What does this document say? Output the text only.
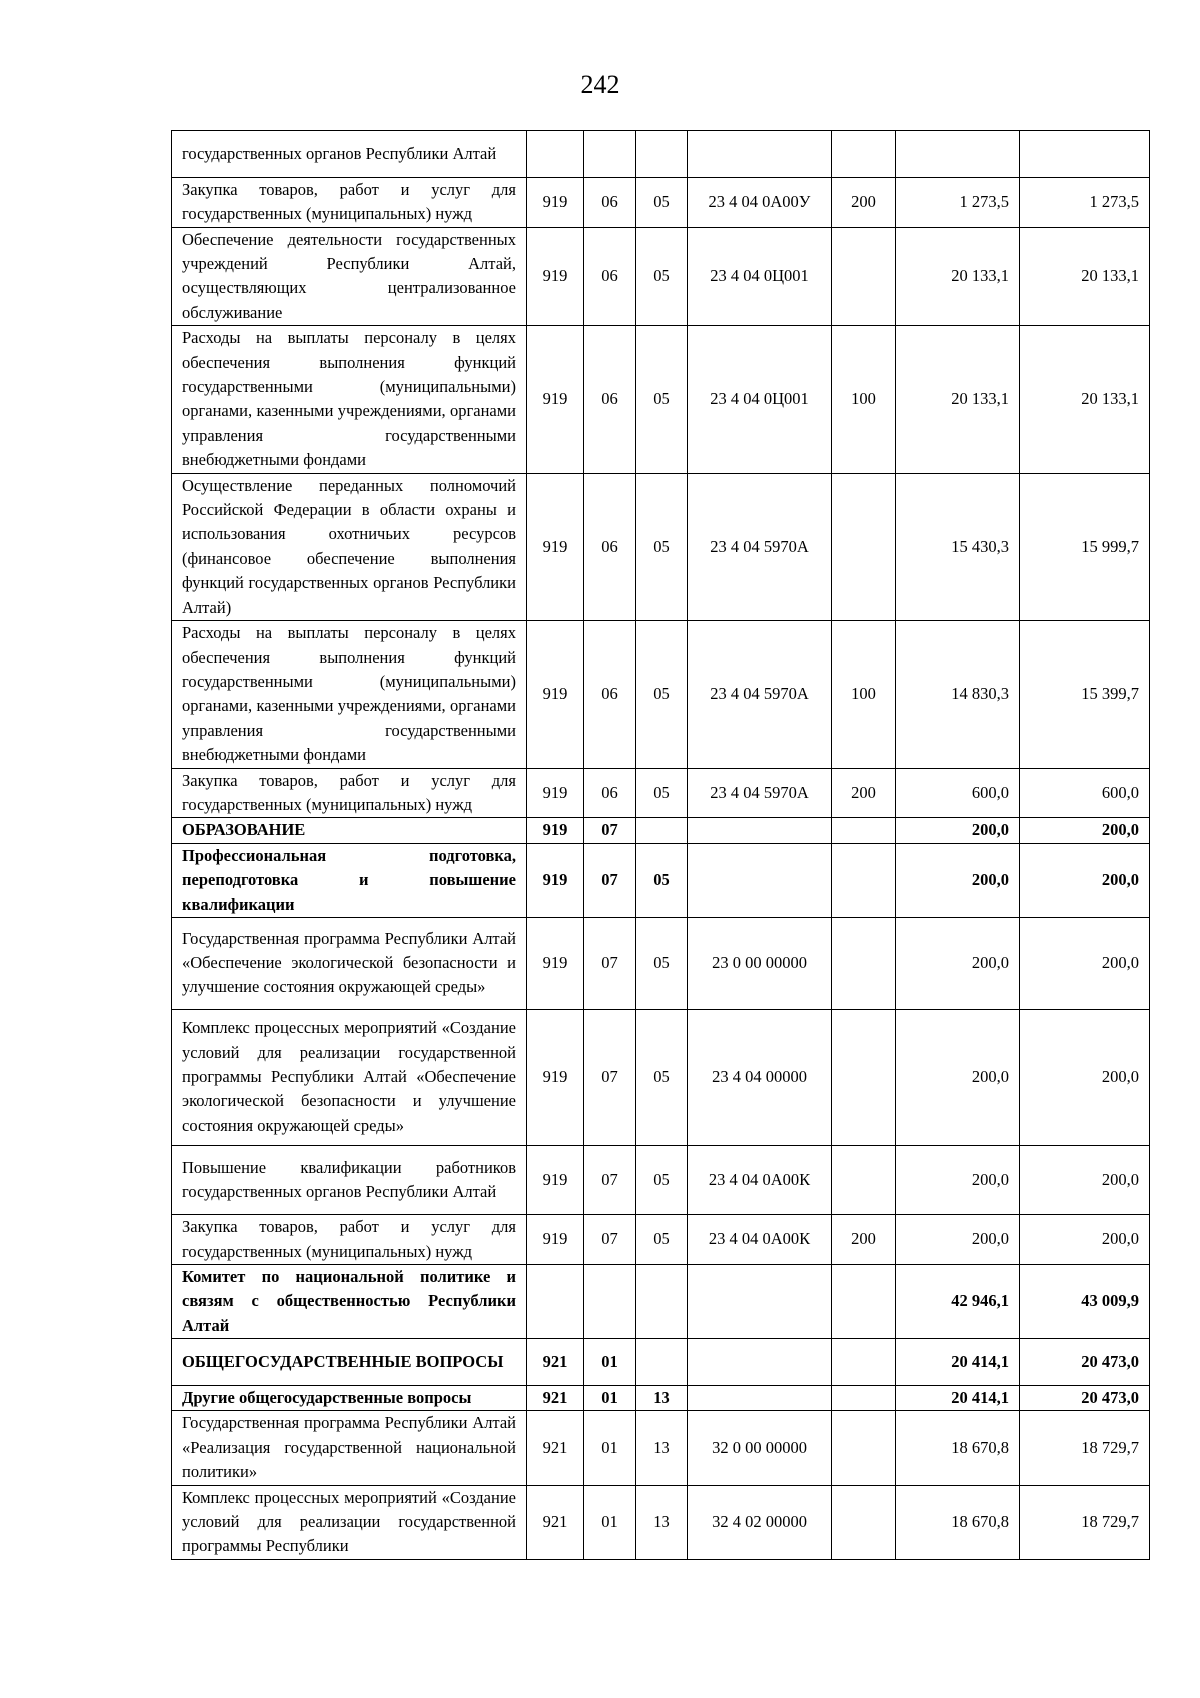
242
государственных органов Республики Алтай							
Закупка товаров, работ и услуг для государственных (муниципальных) нужд	919	06	05	23 4 04 0А00У	200	1 273,5	1 273,5
Обеспечение деятельности государственных учреждений Республики Алтай, осуществляющих централизованное обслуживание	919	06	05	23 4 04 0Ц001		20 133,1	20 133,1
Расходы на выплаты персоналу в целях обеспечения выполнения функций государственными (муниципальными) органами, казенными учреждениями, органами управления государственными внебюджетными фондами	919	06	05	23 4 04 0Ц001	100	20 133,1	20 133,1
Осуществление переданных полномочий Российской Федерации в области охраны и использования охотничьих ресурсов (финансовое обеспечение выполнения функций государственных органов Республики Алтай)	919	06	05	23 4 04 5970А		15 430,3	15 999,7
Расходы на выплаты персоналу в целях обеспечения выполнения функций государственными (муниципальными) органами, казенными учреждениями, органами управления государственными внебюджетными фондами	919	06	05	23 4 04 5970А	100	14 830,3	15 399,7
Закупка товаров, работ и услуг для государственных (муниципальных) нужд	919	06	05	23 4 04 5970А	200	600,0	600,0
ОБРАЗОВАНИЕ	919	07				200,0	200,0
Профессиональная подготовка, переподготовка и повышение квалификации	919	07	05			200,0	200,0
Государственная программа Республики Алтай «Обеспечение экологической безопасности и улучшение состояния окружающей среды»	919	07	05	23 0 00 00000		200,0	200,0
Комплекс процессных мероприятий «Создание условий для реализации государственной программы Республики Алтай «Обеспечение экологической безопасности и улучшение состояния окружающей среды»	919	07	05	23 4 04 00000		200,0	200,0
Повышение квалификации работников государственных органов Республики Алтай	919	07	05	23 4 04 0А00К		200,0	200,0
Закупка товаров, работ и услуг для государственных (муниципальных) нужд	919	07	05	23 4 04 0А00К	200	200,0	200,0
Комитет по национальной политике и связям с общественностью Республики Алтай						42 946,1	43 009,9
ОБЩЕГОСУДАРСТВЕННЫЕ ВОПРОСЫ	921	01				20 414,1	20 473,0
Другие общегосударственные вопросы	921	01	13			20 414,1	20 473,0
Государственная программа Республики Алтай «Реализация государственной национальной политики»	921	01	13	32 0 00 00000		18 670,8	18 729,7
Комплекс процессных мероприятий «Создание условий для реализации государственной программы Республики	921	01	13	32 4 02 00000		18 670,8	18 729,7
